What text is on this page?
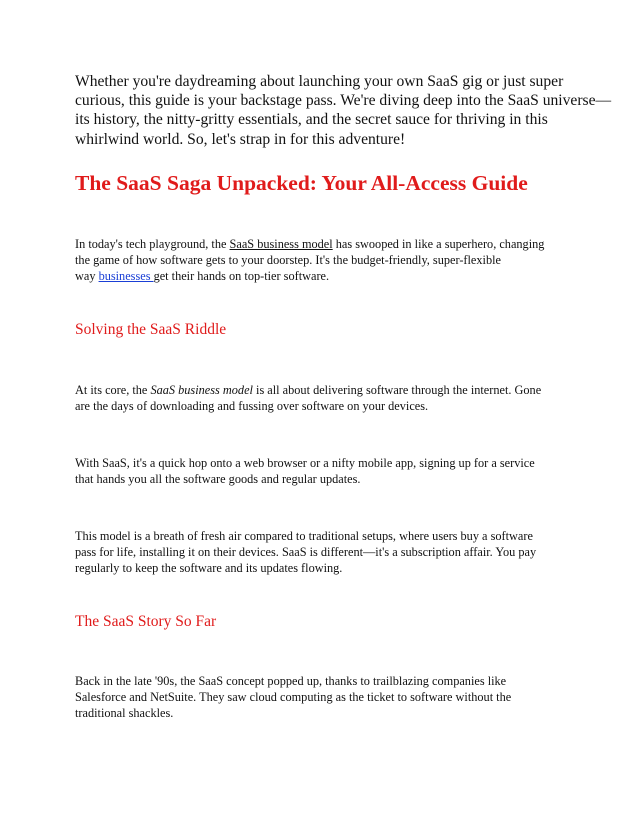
Whether you're daydreaming about launching your own SaaS gig or just super
curious, this guide is your backstage pass. We're diving deep into the SaaS universe—
its history, the nitty-gritty essentials, and the secret sauce for thriving in this
whirlwind world. So, let's strap in for this adventure!

The SaaS Saga Unpacked: Your All-Access Guide

In today's tech playground, the SaaS business model has swooped in like a superhero, changing
the game of how software gets to your doorstep. It's the budget-friendly, super-flexible
way businesses get their hands on top-tier software.

Solving the SaaS Riddle

At its core, the SaaS business model is all about delivering software through the internet. Gone
are the days of downloading and fussing over software on your devices.

With SaaS, it's a quick hop onto a web browser or a nifty mobile app, signing up for a service
that hands you all the software goods and regular updates.

This model is a breath of fresh air compared to traditional setups, where users buy a software
pass for life, installing it on their devices. SaaS is different—it's a subscription affair. You pay
regularly to keep the software and its updates flowing.

The SaaS Story So Far

Back in the late '90s, the SaaS concept popped up, thanks to trailblazing companies like
Salesforce and NetSuite. They saw cloud computing as the ticket to software without the
traditional shackles.
